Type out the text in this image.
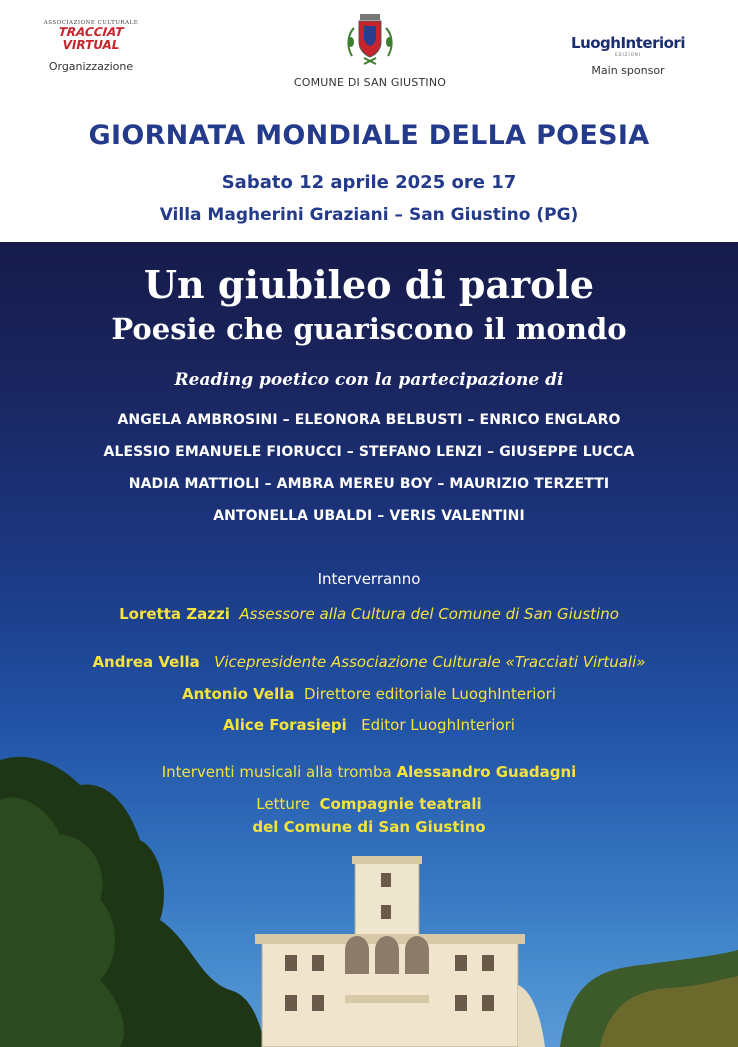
ASSOCIAZIONE CULTURALE
TRACCIAT
VIRTUAL
Organizzazione
COMUNE DI SAN GIUSTINO
LuoghInteriori
EDIZIONI
Main sponsor
GIORNATA MONDIALE DELLA POESIA
Sabato 12 aprile 2025 ore 17
Villa Magherini Graziani – San Giustino (PG)
Un giubileo di parole
Poesie che guariscono il mondo
Reading poetico con la partecipazione di
ANGELA AMBROSINI – ELEONORA BELBUSTI – ENRICO ENGLARO
ALESSIO EMANUELE FIORUCCI – STEFANO LENZI – GIUSEPPE LUCCA
NADIA MATTIOLI – AMBRA MEREU BOY – MAURIZIO TERZETTI
ANTONELLA UBALDI – VERIS VALENTINI
Interverranno
Loretta Zazzi Assessore alla Cultura del Comune di San Giustino
Andrea Vella Vicepresidente Associazione Culturale «Tracciati Virtuali»
Antonio Vella Direttore editoriale LuoghInteriori
Alice Forasiepi Editor LuoghInteriori
Interventi musicali alla tromba Alessandro Guadagni
Letture Compagnie teatrali
del Comune di San Giustino
